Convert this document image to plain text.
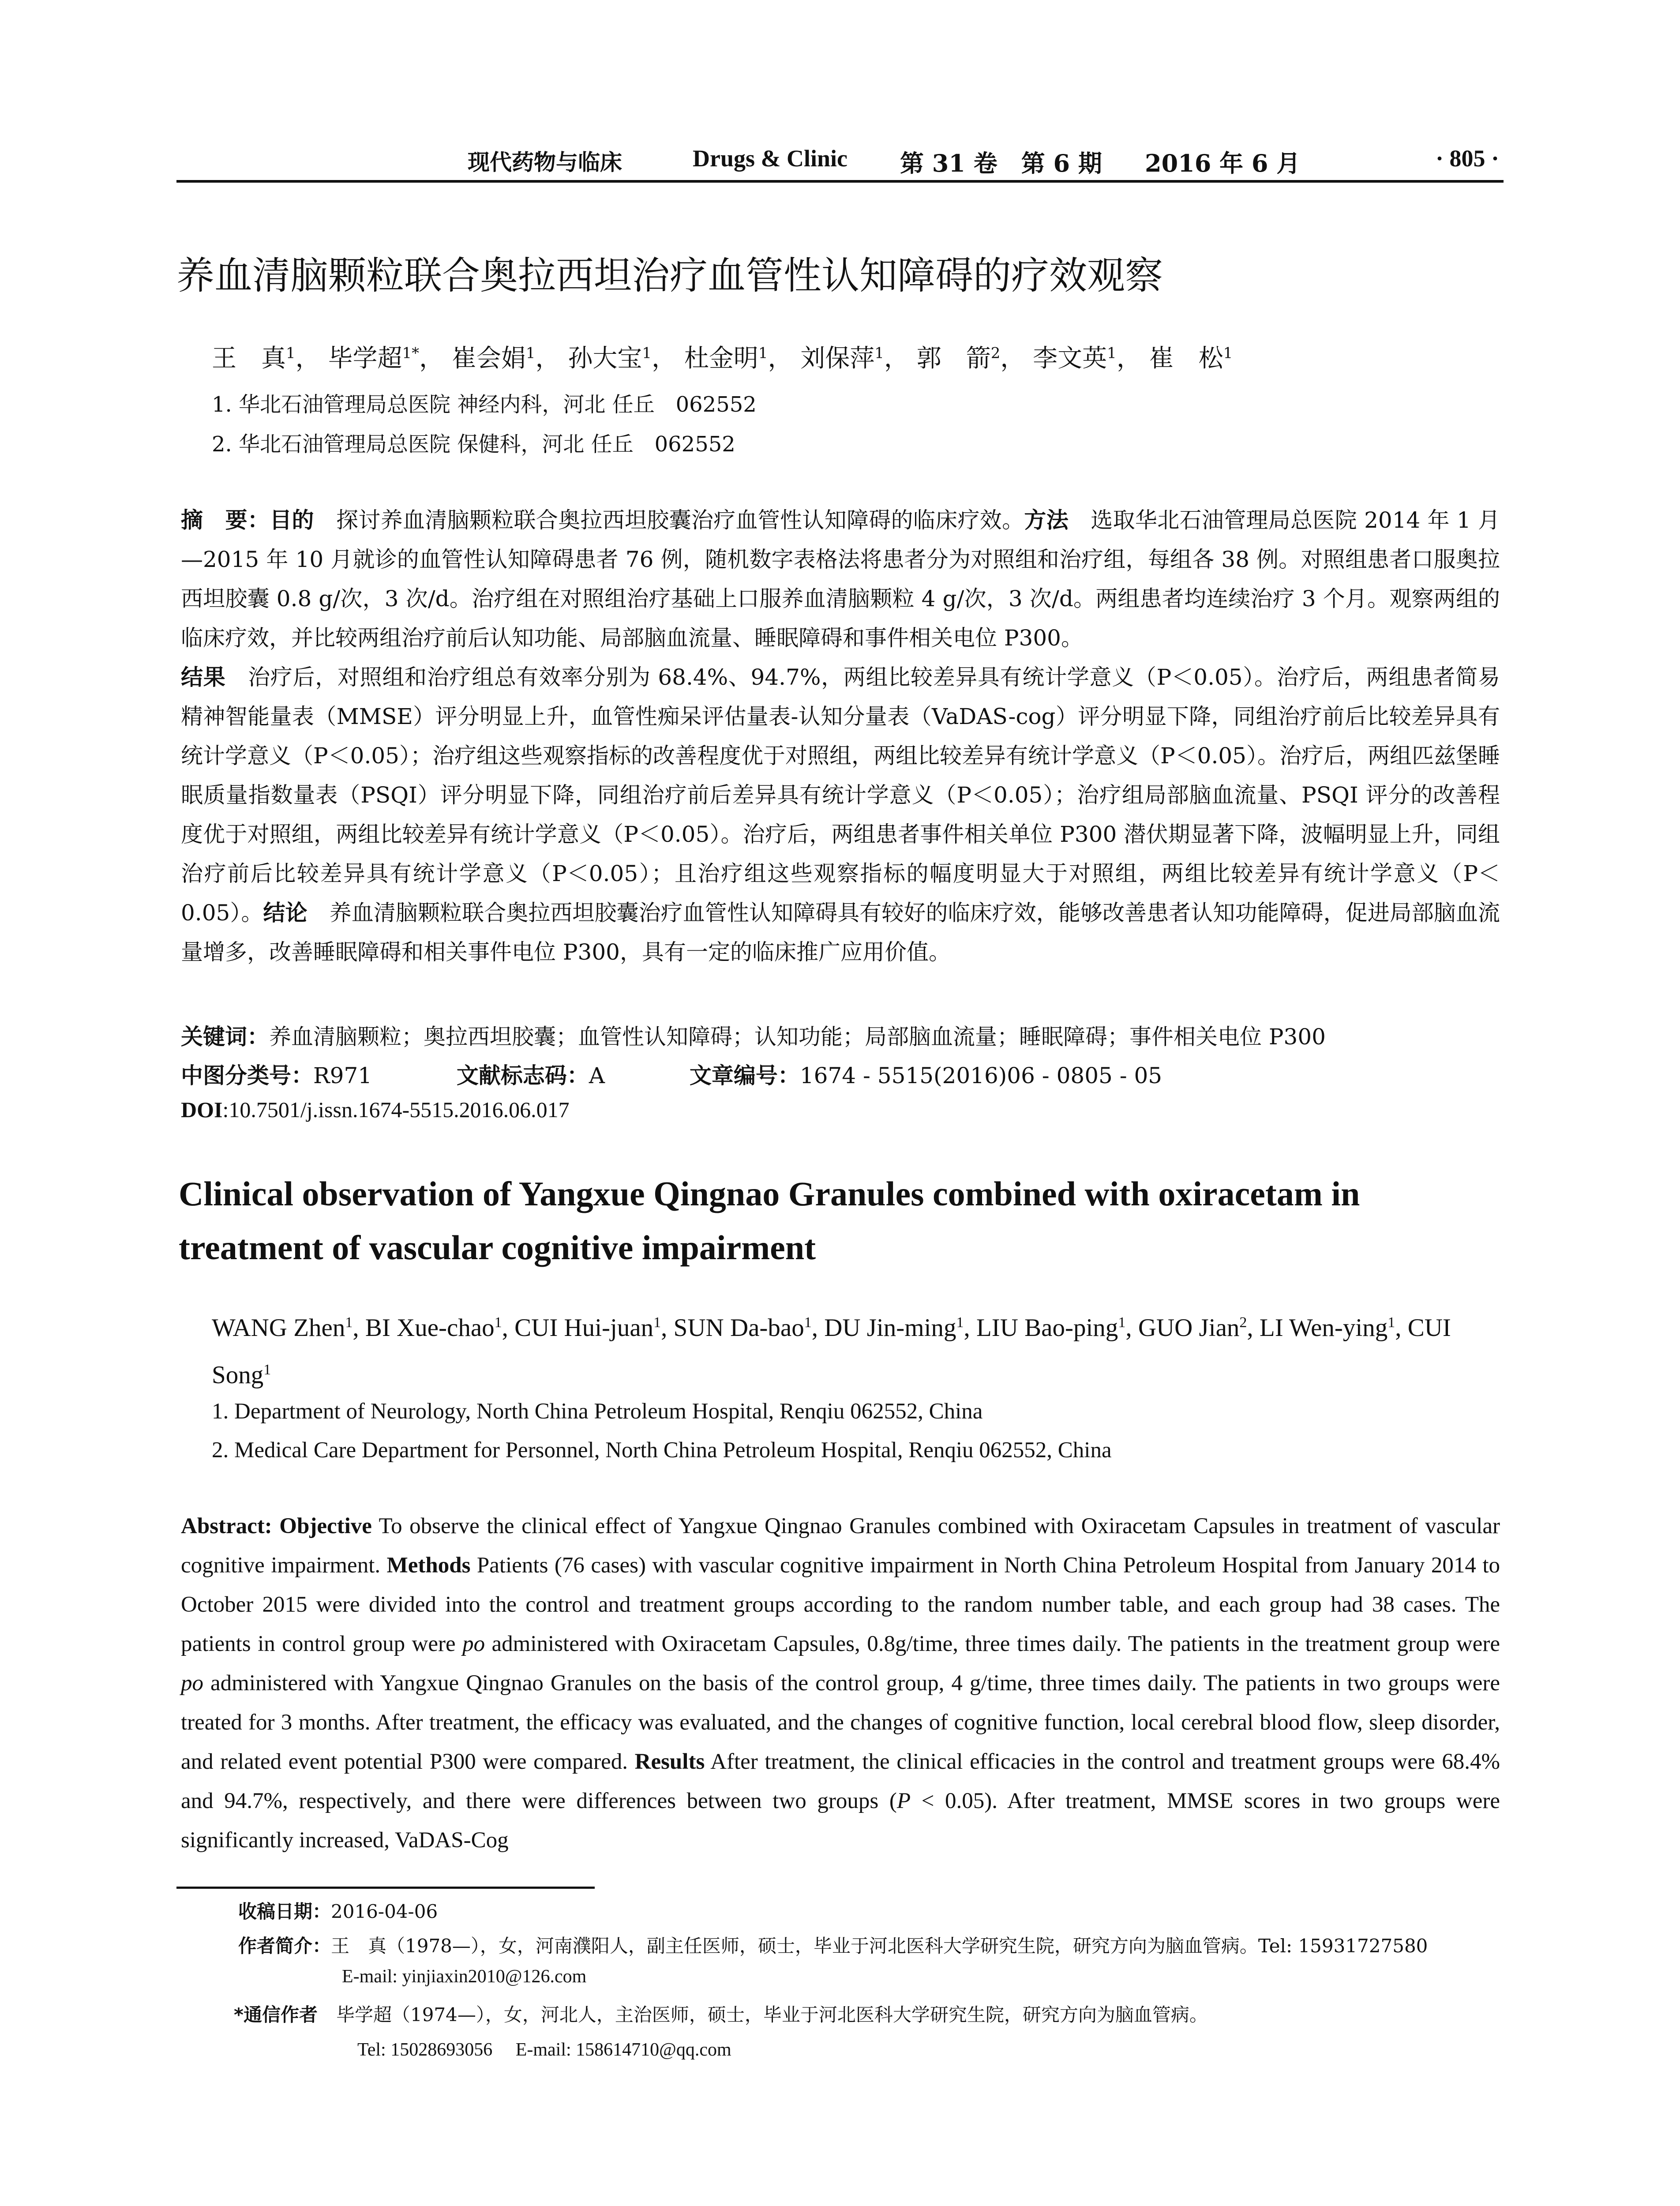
现代药物与临床	Drugs & Clinic 第 31 卷　第 6 期 2016 年 6 月	· 805 ·
养血清脑颗粒联合奥拉西坦治疗血管性认知障碍的疗效观察
王　真$^1$， 毕学超$^{1*}$， 崔会娟$^1$， 孙大宝$^1$， 杜金明$^1$， 刘保萍$^1$， 郭　箭$^2$， 李文英$^1$， 崔　松$^1$
1. 华北石油管理局总医院 神经内科，河北 任丘　062552
2. 华北石油管理局总医院 保健科，河北 任丘　062552
摘　要：目的　探讨养血清脑颗粒联合奥拉西坦胶囊治疗血管性认知障碍的临床疗效。方法　选取华北石油管理局总医院 2014 年 1 月—2015 年 10 月就诊的血管性认知障碍患者 76 例，随机数字表格法将患者分为对照组和治疗组，每组各 38 例。对照组患者口服奥拉西坦胶囊 0.8 g/次，3 次/d。治疗组在对照组治疗基础上口服养血清脑颗粒 4 g/次，3 次/d。两组患者均连续治疗 3 个月。观察两组的临床疗效，并比较两组治疗前后认知功能、局部脑血流量、睡眠障碍和事件相关电位 P300。
结果　治疗后，对照组和治疗组总有效率分别为 68.4%、94.7%，两组比较差异具有统计学意义（P＜0.05）。治疗后，两组患者简易精神智能量表（MMSE）评分明显上升，血管性痴呆评估量表-认知分量表（VaDAS-cog）评分明显下降，同组治疗前后比较差异具有统计学意义（P＜0.05）；治疗组这些观察指标的改善程度优于对照组，两组比较差异有统计学意义（P＜0.05）。治疗后，两组匹兹堡睡眠质量指数量表（PSQI）评分明显下降，同组治疗前后差异具有统计学意义（P＜0.05）；治疗组局部脑血流量、PSQI 评分的改善程度优于对照组，两组比较差异有统计学意义（P＜0.05）。治疗后，两组患者事件相关单位 P300 潜伏期显著下降，波幅明显上升，同组治疗前后比较差异具有统计学意义（P＜0.05）；且治疗组这些观察指标的幅度明显大于对照组，两组比较差异有统计学意义（P＜0.05）。结论　养血清脑颗粒联合奥拉西坦胶囊治疗血管性认知障碍具有较好的临床疗效，能够改善患者认知功能障碍，促进局部脑血流量增多，改善睡眠障碍和相关事件电位 P300，具有一定的临床推广应用价值。
关键词：养血清脑颗粒；奥拉西坦胶囊；血管性认知障碍；认知功能；局部脑血流量；睡眠障碍；事件相关电位 P300
中图分类号：R971	文献标志码：A	文章编号：1674 - 5515(2016)06 - 0805 - 05
DOI:10.7501/j.issn.1674-5515.2016.06.017
Clinical observation of Yangxue Qingnao Granules combined with oxiracetam in treatment of vascular cognitive impairment
WANG Zhen$^1$, BI Xue-chao$^1$, CUI Hui-juan$^1$, SUN Da-bao$^1$, DU Jin-ming$^1$, LIU Bao-ping$^1$, GUO Jian$^2$, LI Wen-ying$^1$, CUI Song$^1$
1. Department of Neurology, North China Petroleum Hospital, Renqiu 062552, China
2. Medical Care Department for Personnel, North China Petroleum Hospital, Renqiu 062552, China
Abstract: Objective To observe the clinical effect of Yangxue Qingnao Granules combined with Oxiracetam Capsules in treatment of vascular cognitive impairment. Methods Patients (76 cases) with vascular cognitive impairment in North China Petroleum Hospital from January 2014 to October 2015 were divided into the control and treatment groups according to the random number table, and each group had 38 cases. The patients in control group were po administered with Oxiracetam Capsules, 0.8g/time, three times daily. The patients in the treatment group were po administered with Yangxue Qingnao Granules on the basis of the control group, 4 g/time, three times daily. The patients in two groups were treated for 3 months. After treatment, the efficacy was evaluated, and the changes of cognitive function, local cerebral blood flow, sleep disorder, and related event potential P300 were compared. Results After treatment, the clinical efficacies in the control and treatment groups were 68.4% and 94.7%, respectively, and there were differences between two groups (P < 0.05). After treatment, MMSE scores in two groups were significantly increased, VaDAS-Cog
收稿日期：2016-04-06
作者简介：王　真（1978—），女，河南濮阳人，副主任医师，硕士，毕业于河北医科大学研究生院，研究方向为脑血管病。Tel: 15931727580
E-mail: yinjiaxin2010@126.com
*通信作者　 毕学超（1974—），女，河北人，主治医师，硕士，毕业于河北医科大学研究生院，研究方向为脑血管病。
Tel: 15028693056　 E-mail: 158614710@qq.com
